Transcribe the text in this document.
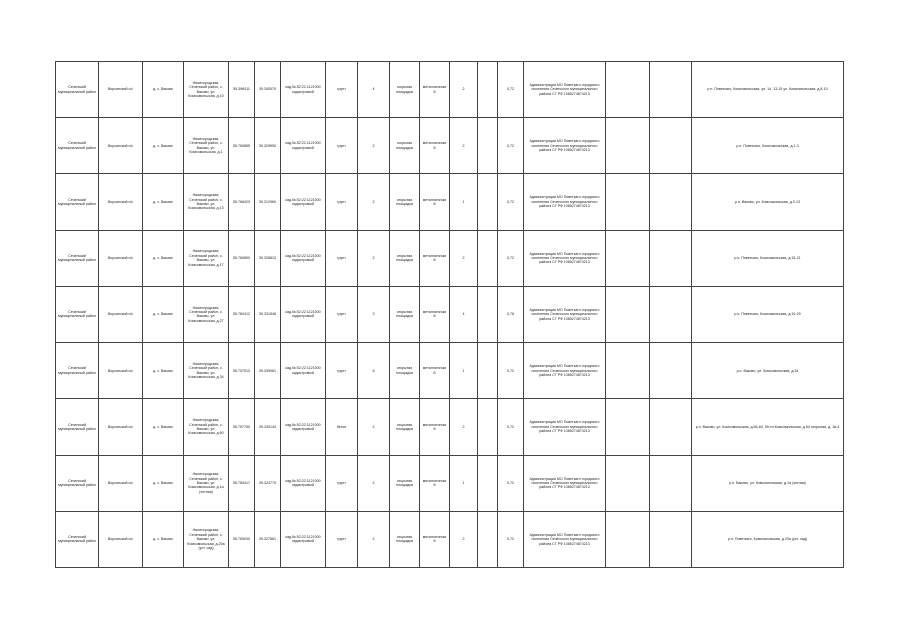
Сеченский муниципальный район	Ворсинский с/с	д. с. Ваково	Нижегородская, Сеченский район, с. Ваково, ул. Комсомольская, д.10	55.398411	39.340570	кад.№:52:22:1121000 кадастровый	грунт	4	открытая площадка	металлический	2		0,72	Администрация МО Поветкаго городского поселения Сеченского муниципального района СГ РФ 1085274874213			р.п. Поветкаго, Комсомольская, ул. 14, 13-15 ул. Комсомольская, д.8-10
Сеченский муниципальный район	Ворсинский с/с	д. с. Ваково	Нижегородская, Сеченский район, с. Ваково, ул. Комсомольская, д.1	55.760865	39.329550	кад.№:52:22:1121000 кадастровый	грунт	2	открытая площадка	металлический	2		0,72	Администрация МО Поветкаго городского поселения Сеченского муниципального района СГ РФ 1085274874213			р.п. Поветкаго, Комсомольская, д.1-3
Сеченский муниципальный район	Ворсинский с/с	д. с. Ваково	Нижегородская, Сеченский район, с. Ваково, ул. Комсомольская, д.13	55.768429	39.312960	кад.№:52:22:1121000 кадастровый	грунт	2	открытая площадка	металлический	1		0,72	Администрация МО Поветкаго городского поселения Сеченского муниципального района СГ РФ 1085274874213			р.п. Ваково, ул. Комсомольская, д.9-13
Сеченский муниципальный район	Ворсинский с/с	д. с. Ваково	Нижегородская, Сеченский район, с. Ваково, ул. Комсомольская, д.17	55.760890	39.328813	кад.№:52:22:1121000 кадастровый	грунт	2	открытая площадка	металлический	2		0,72	Администрация МО Поветкаго городского поселения Сеченского муниципального района СГ РФ 1085274874213			р.п. Поветкаго, Комсомольская, д.15-21
Сеченский муниципальный район	Ворсинский с/с	д. с. Ваково	Нижегородская, Сеченский район, с. Ваково, ул. Комсомольская, д.27	55.760412	39.331848	кад.№:52:22:1121000 кадастровый	грунт	3	открытая площадка	металлический	4		0,76	Администрация МО Поветкаго городского поселения Сеченского муниципального района СГ РФ 1085274874213			р.п. Поветкаго, Комсомольская, д.19-29
Сеченский муниципальный район	Ворсинский с/с	д. с. Ваково	Нижегородская, Сеченский район, с. Ваково, ул. Комсомольская, д.34	55.757513	39.339061	кад.№:52:22:1121000 кадастровый	грунт	6	открытая площадка	металлический	1		0,72	Администрация МО Поветкаго городского поселения Сеченского муниципального района СГ РФ 1085274874213			р.п. Ваково, ул. Комсомольская, д.34
Сеченский муниципальный район	Ворсинский с/с	д. с. Ваково	Нижегородская, Сеченский район, с. Ваково, ул. Комсомольская, д.60	55.757750	39.330144	кад.№:52:22:1121000 кадастровый	бетон	2	открытая площадка	металлический	2		0,72	Администрация МО Поветкаго городского поселения Сеченского муниципального района СГ РФ 1085274874213			р.п. Ваково, ул. Комсомольская, д.56-60, 59-ти Комсомольская, д.64 открытая, д. 1в-4
Сеченский муниципальный район	Ворсинский с/с	д. с. Ваково	Нижегородская, Сеченский район, с. Ваково, ул. Комсомольская, д.1а (четная)	55.784417	39.324775	кад.№:52:22:1121000 кадастровый	грунт	2	открытая площадка	металлический	1		0,72	Администрация МО Поветкаго городского поселения Сеченского муниципального района СГ РФ 1085274874213			р.п. Ваково, ул. Комсомольская, д.1а (четная)
Сеченский муниципальный район	Ворсинский с/с	д. с. Ваково	Нижегородская, Сеченский район, с. Ваково, ул. Комсомольская, д.20а (уст. сад)	55.765030	39.327661	кад.№:52:22:1121000 кадастровый	грунт	2	открытая площадка	металлический	2		0,72	Администрация МО Поветкаго городского поселения Сеченского муниципального района СГ РФ 1085274874213			р.п. Поветкаго, Комсомольская, д.20а (уст. сад)
